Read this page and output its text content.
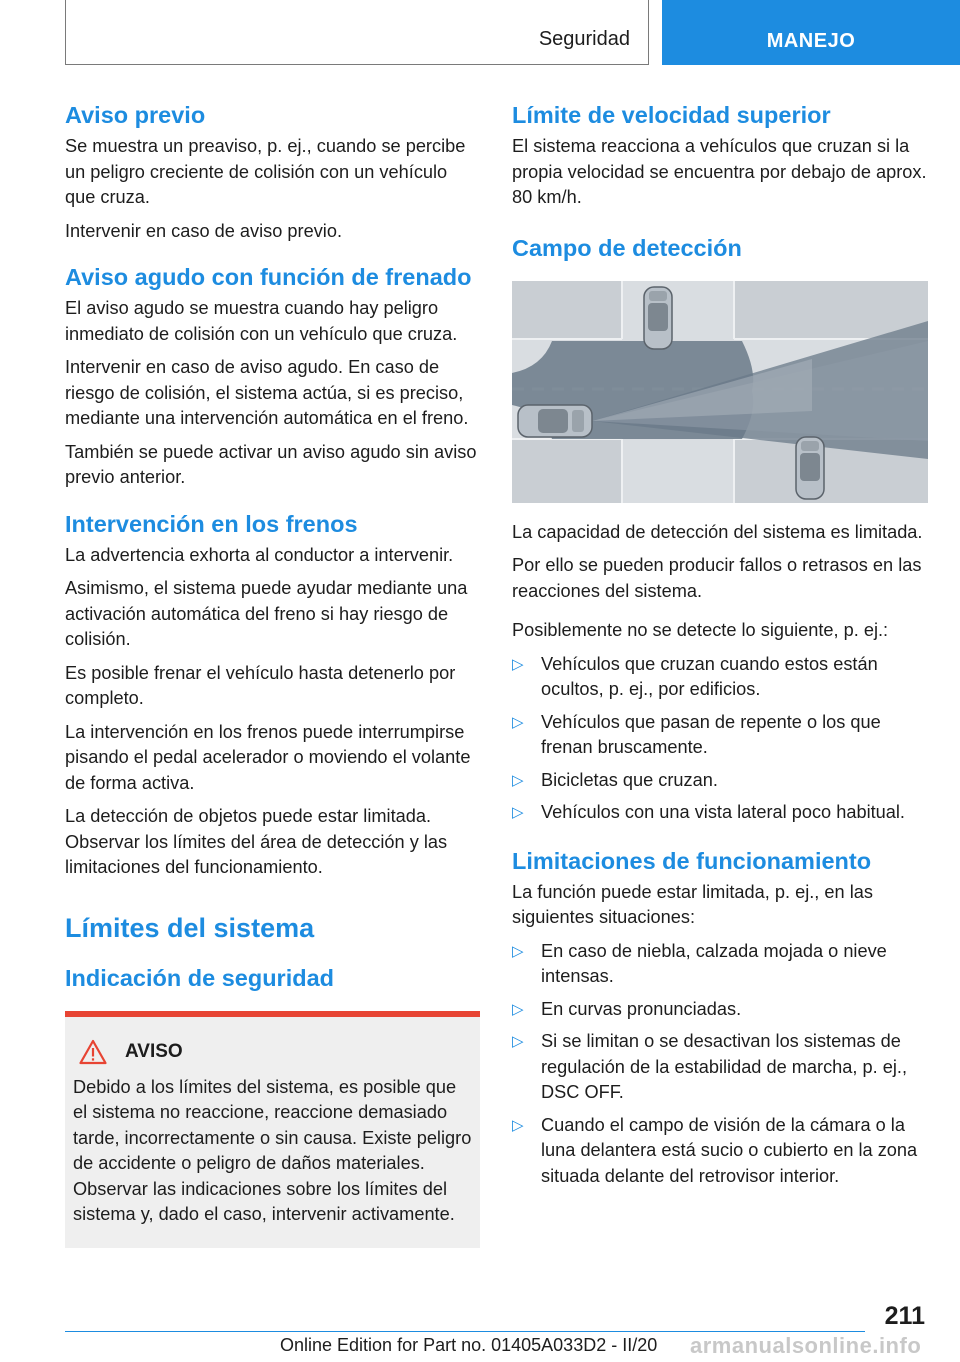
Seguridad	MANEJO
Aviso previo

Se muestra un preaviso, p. ej., cuando se percibe un peligro creciente de colisión con un vehículo que cruza.

Intervenir en caso de aviso previo.

Aviso agudo con función de frenado

El aviso agudo se muestra cuando hay peligro inmediato de colisión con un vehículo que cruza.

Intervenir en caso de aviso agudo. En caso de riesgo de colisión, el sistema actúa, si es preciso, mediante una intervención automática en el freno.

También se puede activar un aviso agudo sin aviso previo anterior.

Intervención en los frenos

La advertencia exhorta al conductor a intervenir.

Asimismo, el sistema puede ayudar mediante una activación automática del freno si hay riesgo de colisión.

Es posible frenar el vehículo hasta detenerlo por completo.

La intervención en los frenos puede interrumpirse pisando el pedal acelerador o moviendo el volante de forma activa.

La detección de objetos puede estar limitada. Observar los límites del área de detección y las limitaciones del funcionamiento.

Límites del sistema
Indicación de seguridad
AVISO

Debido a los límites del sistema, es posible que el sistema no reaccione, reaccione demasiado tarde, incorrectamente o sin causa. Existe peligro de accidente o peligro de daños materiales. Observar las indicaciones sobre los límites del sistema y, dado el caso, intervenir activamente.

Límite de velocidad superior

El sistema reacciona a vehículos que cruzan si la propia velocidad se encuentra por debajo de aprox. 80 km/h.

Campo de detección

La capacidad de detección del sistema es limitada.

Por ello se pueden producir fallos o retrasos en las reacciones del sistema.

Posiblemente no se detecte lo siguiente, p. ej.:

▷ Vehículos que cruzan cuando estos están ocultos, p. ej., por edificios.
▷ Vehículos que pasan de repente o los que frenan bruscamente.
▷ Bicicletas que cruzan.
▷ Vehículos con una vista lateral poco habitual.
Limitaciones de funcionamiento

La función puede estar limitada, p. ej., en las siguientes situaciones:

▷ En caso de niebla, calzada mojada o nieve intensas.
▷ En curvas pronunciadas.
▷ Si se limitan o se desactivan los sistemas de regulación de la estabilidad de marcha, p. ej., DSC OFF.
▷ Cuando el campo de visión de la cámara o la luna delantera está sucio o cubierto en la zona situada delante del retrovisor interior.
211
Online Edition for Part no. 01405A033D2 - II/20 armanualsonline.info
